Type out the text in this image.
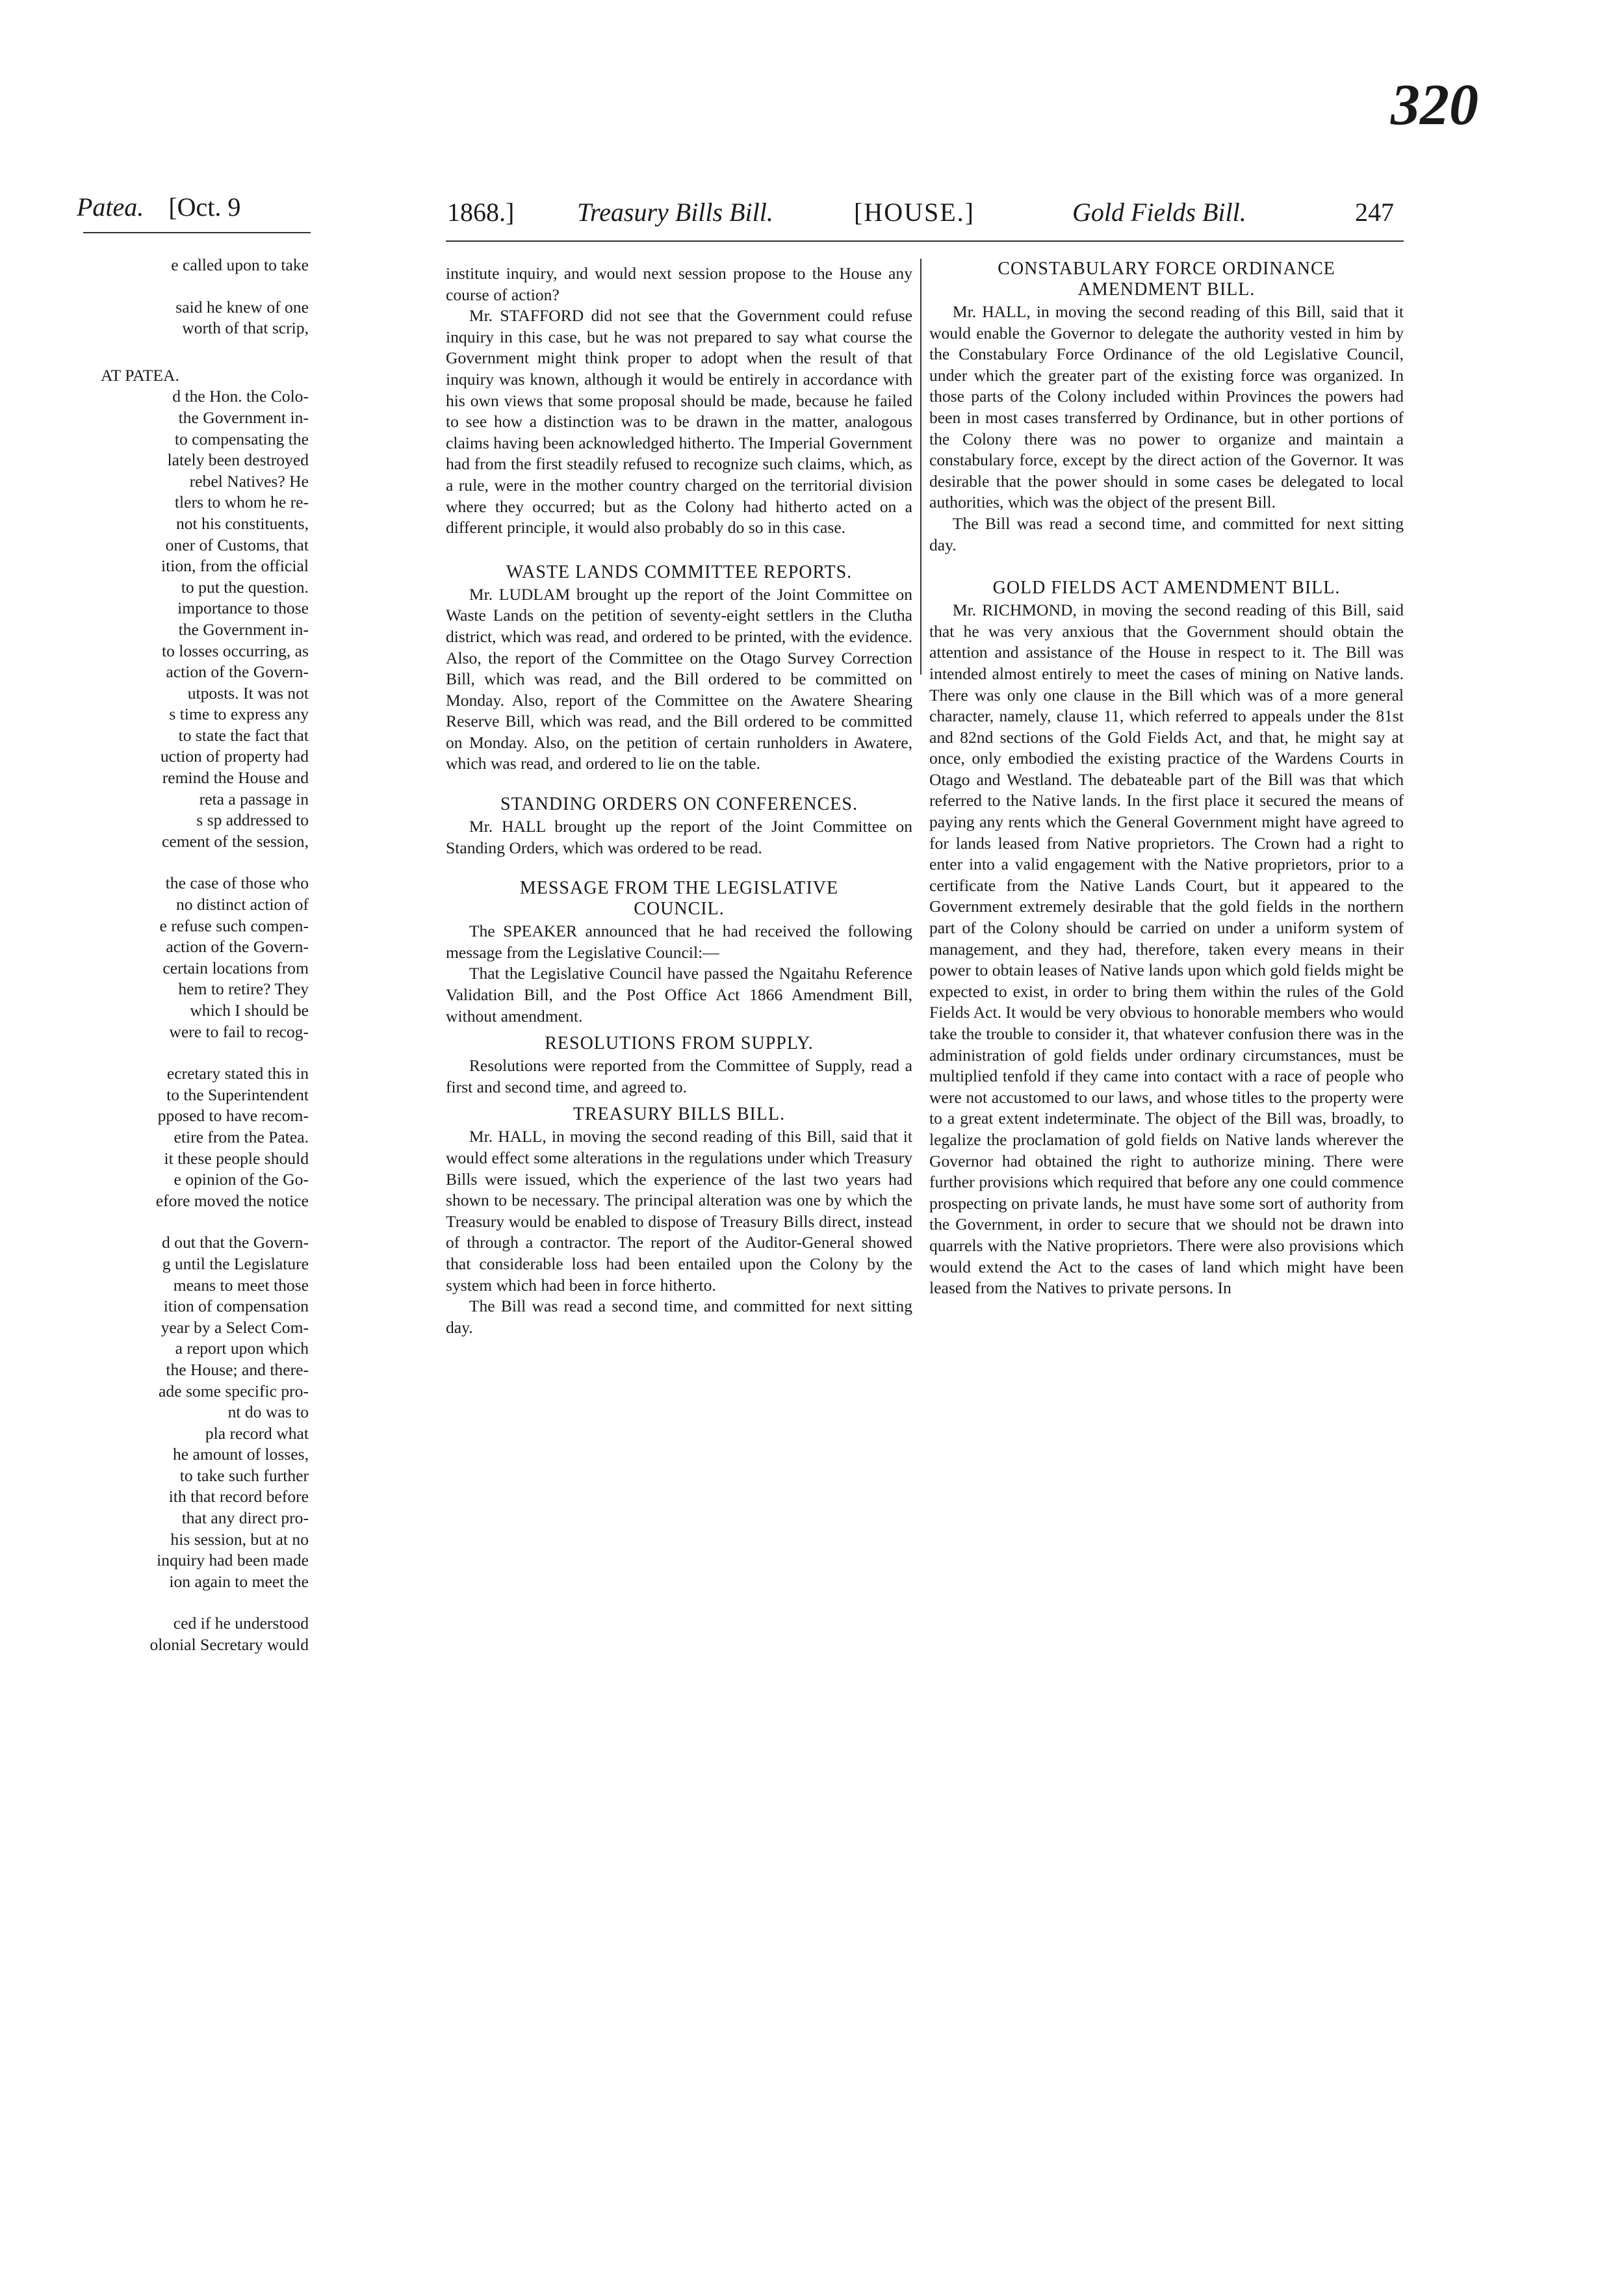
320
Patea. [Oct. 9	1868.] Treasury Bills Bill.	[HOUSE.]	Gold Fields Bill.	247

e called upon to take

said he knew of one

worth of that scrip,

AT PATEA.

d the Hon. the Colo-

the Government in-

to compensating the

lately been destroyed

rebel Natives? He

tlers to whom he re-

not his constituents,

oner of Customs, that

ition, from the official

to put the question.

importance to those

the Government in-

to losses occurring, as

action of the Govern-

utposts. It was not

s time to express any

to state the fact that

uction of property had

remind the House and

reta a passage in

s sp addressed to

cement of the session,

the case of those who

no distinct action of

e refuse such compen-

action of the Govern-

certain locations from

hem to retire? They

which I should be

were to fail to recog-

ecretary stated this in

to the Superintendent

pposed to have recom-

etire from the Patea.

it these people should

e opinion of the Go-

efore moved the notice

d out that the Govern-

g until the Legislature

means to meet those

ition of compensation

year by a Select Com-

a report upon which

the House; and there-

ade some specific pro-

nt do was to

pla record what

he amount of losses,

to take such further

ith that record before

that any direct pro-

his session, but at no

inquiry had been made

ion again to meet the

ced if he understood

olonial Secretary would

institute inquiry, and would next session propose to the House any course of action?

Mr. STAFFORD did not see that the Government could refuse inquiry in this case, but he was not prepared to say what course the Government might think proper to adopt when the result of that inquiry was known, although it would be entirely in accordance with his own views that some proposal should be made, because he failed to see how a distinction was to be drawn in the matter, analogous claims having been acknowledged hitherto. The Imperial Government had from the first steadily refused to recognize such claims, which, as a rule, were in the mother country charged on the territorial division where they occurred; but as the Colony had hitherto acted on a different principle, it would also probably do so in this case.

WASTE LANDS COMMITTEE REPORTS.

Mr. LUDLAM brought up the report of the Joint Committee on Waste Lands on the petition of seventy-eight settlers in the Clutha district, which was read, and ordered to be printed, with the evidence. Also, the report of the Committee on the Otago Survey Correction Bill, which was read, and the Bill ordered to be committed on Monday. Also, report of the Committee on the Awatere Shearing Reserve Bill, which was read, and the Bill ordered to be committed on Monday. Also, on the petition of certain runholders in Awatere, which was read, and ordered to lie on the table.

STANDING ORDERS ON CONFERENCES.

Mr. HALL brought up the report of the Joint Committee on Standing Orders, which was ordered to be read.

MESSAGE FROM THE LEGISLATIVE COUNCIL.

The SPEAKER announced that he had received the following message from the Legislative Council:—

That the Legislative Council have passed the Ngaitahu Reference Validation Bill, and the Post Office Act 1866 Amendment Bill, without amendment.

RESOLUTIONS FROM SUPPLY.

Resolutions were reported from the Committee of Supply, read a first and second time, and agreed to.

TREASURY BILLS BILL.

Mr. HALL, in moving the second reading of this Bill, said that it would effect some alterations in the regulations under which Treasury Bills were issued, which the experience of the last two years had shown to be necessary. The principal alteration was one by which the Treasury would be enabled to dispose of Treasury Bills direct, instead of through a contractor. The report of the Auditor-General showed that considerable loss had been entailed upon the Colony by the system which had been in force hitherto.

The Bill was read a second time, and committed for next sitting day.

CONSTABULARY FORCE ORDINANCE AMENDMENT BILL.

Mr. HALL, in moving the second reading of this Bill, said that it would enable the Governor to delegate the authority vested in him by the Constabulary Force Ordinance of the old Legislative Council, under which the greater part of the existing force was organized. In those parts of the Colony included within Provinces the powers had been in most cases transferred by Ordinance, but in other portions of the Colony there was no power to organize and maintain a constabulary force, except by the direct action of the Governor. It was desirable that the power should in some cases be delegated to local authorities, which was the object of the present Bill.

The Bill was read a second time, and committed for next sitting day.

GOLD FIELDS ACT AMENDMENT BILL.

Mr. RICHMOND, in moving the second reading of this Bill, said that he was very anxious that the Government should obtain the attention and assistance of the House in respect to it. The Bill was intended almost entirely to meet the cases of mining on Native lands. There was only one clause in the Bill which was of a more general character, namely, clause 11, which referred to appeals under the 81st and 82nd sections of the Gold Fields Act, and that, he might say at once, only embodied the existing practice of the Wardens Courts in Otago and Westland. The debateable part of the Bill was that which referred to the Native lands. In the first place it secured the means of paying any rents which the General Government might have agreed to for lands leased from Native proprietors. The Crown had a right to enter into a valid engagement with the Native proprietors, prior to a certificate from the Native Lands Court, but it appeared to the Government extremely desirable that the gold fields in the northern part of the Colony should be carried on under a uniform system of management, and they had, therefore, taken every means in their power to obtain leases of Native lands upon which gold fields might be expected to exist, in order to bring them within the rules of the Gold Fields Act. It would be very obvious to honorable members who would take the trouble to consider it, that whatever confusion there was in the administration of gold fields under ordinary circumstances, must be multiplied tenfold if they came into contact with a race of people who were not accustomed to our laws, and whose titles to the property were to a great extent indeterminate. The object of the Bill was, broadly, to legalize the proclamation of gold fields on Native lands wherever the Governor had obtained the right to authorize mining. There were further provisions which required that before any one could commence prospecting on private lands, he must have some sort of authority from the Government, in order to secure that we should not be drawn into quarrels with the Native proprietors. There were also provisions which would extend the Act to the cases of land which might have been leased from the Natives to private persons. In
